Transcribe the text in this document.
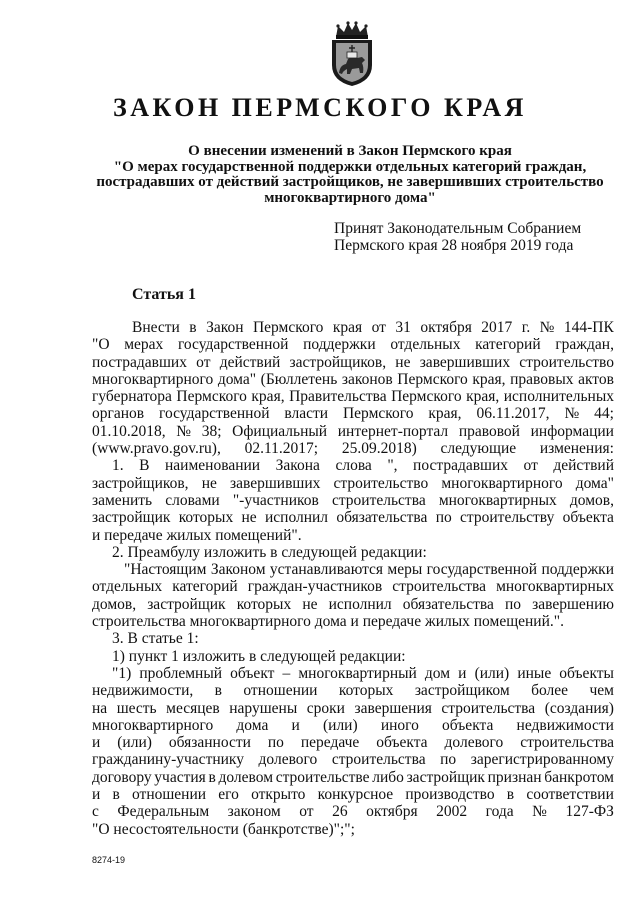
ЗАКОН ПЕРМСКОГО КРАЯ
О внесении изменений в Закон Пермского края
"О мерах государственной поддержки отдельных категорий граждан,
пострадавших от действий застройщиков, не завершивших строительство
многоквартирного дома"
Принят Законодательным Собранием
Пермского края 28 ноября 2019 года
Статья 1
Внести в Закон Пермского края от 31 октября 2017 г. № 144-ПК
"О мерах государственной поддержки отдельных категорий граждан,
пострадавших от действий застройщиков, не завершивших строительство
многоквартирного дома" (Бюллетень законов Пермского края, правовых актов
губернатора Пермского края, Правительства Пермского края, исполнительных
органов государственной власти Пермского края, 06.11.2017, № 44;
01.10.2018, № 38; Официальный интернет-портал правовой информации
(www.pravo.gov.ru), 02.11.2017; 25.09.2018) следующие изменения:
1. В наименовании Закона слова ", пострадавших от действий
застройщиков, не завершивших строительство многоквартирного дома"
заменить словами "-участников строительства многоквартирных домов,
застройщик которых не исполнил обязательства по строительству объекта
и передаче жилых помещений".
2. Преамбулу изложить в следующей редакции:
"Настоящим Законом устанавливаются меры государственной поддержки
отдельных категорий граждан-участников строительства многоквартирных
домов, застройщик которых не исполнил обязательства по завершению
строительства многоквартирного дома и передаче жилых помещений.".
3. В статье 1:
1) пункт 1 изложить в следующей редакции:
"1) проблемный объект – многоквартирный дом и (или) иные объекты
недвижимости, в отношении которых застройщиком более чем
на шесть месяцев нарушены сроки завершения строительства (создания)
многоквартирного дома и (или) иного объекта недвижимости
и (или) обязанности по передаче объекта долевого строительства
гражданину-участнику долевого строительства по зарегистрированному
договору участия в долевом строительстве либо застройщик признан банкротом
и в отношении его открыто конкурсное производство в соответствии
с Федеральным законом от 26 октября 2002 года № 127-ФЗ
"О несостоятельности (банкротстве)";";
8274-19
